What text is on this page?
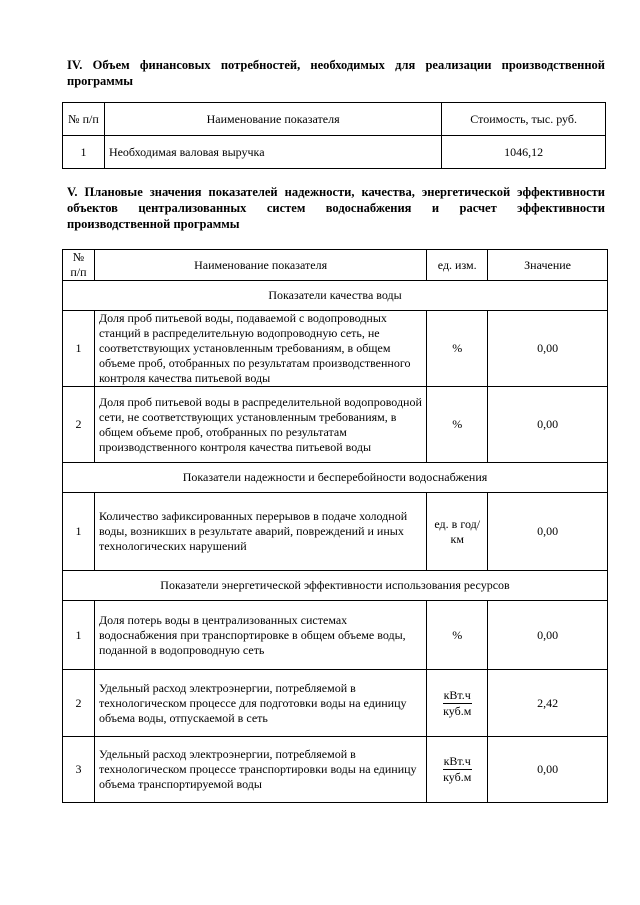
IV. Объем финансовых потребностей, необходимых для реализации производственной программы
№ п/п	Наименование показателя	Стоимость, тыс. руб.
1	Необходимая валовая выручка	1046,12
V. Плановые значения показателей надежности, качества, энергетической эффективности объектов централизованных систем водоснабжения и расчет эффективности производственной программы
№ п/п	Наименование показателя	ед. изм.	Значение
Показатели качества воды			
1	Доля проб питьевой воды, подаваемой с водопроводных станций в распределительную водопроводную сеть, не соответствующих установленным требованиям, в общем объеме проб, отобранных по результатам производственного контроля качества питьевой воды	%	0,00
2	Доля проб питьевой воды в распределительной водопроводной сети, не соответствующих установленным требованиям, в общем объеме проб, отобранных по результатам производственного контроля качества питьевой воды	%	0,00
Показатели надежности и бесперебойности водоснабжения			
1	Количество зафиксированных перерывов в подаче холодной воды, возникших в результате аварий, повреждений и иных технологических нарушений	ед. в год/ км	0,00
Показатели энергетической эффективности использования ресурсов			
1	Доля потерь воды в централизованных системах водоснабжения при транспортировке в общем объеме воды, поданной в водопроводную сеть	%	0,00
2	Удельный расход электроэнергии, потребляемой в технологическом процессе для подготовки воды на единицу объема воды, отпускаемой в сеть	$\frac{\text{кВт.ч}}{\text{куб.м}}$	2,42
3	Удельный расход электроэнергии, потребляемой в технологическом процессе транспортировки воды на единицу объема транспортируемой воды	$\frac{\text{кВт.ч}}{\text{куб.м}}$	0,00
